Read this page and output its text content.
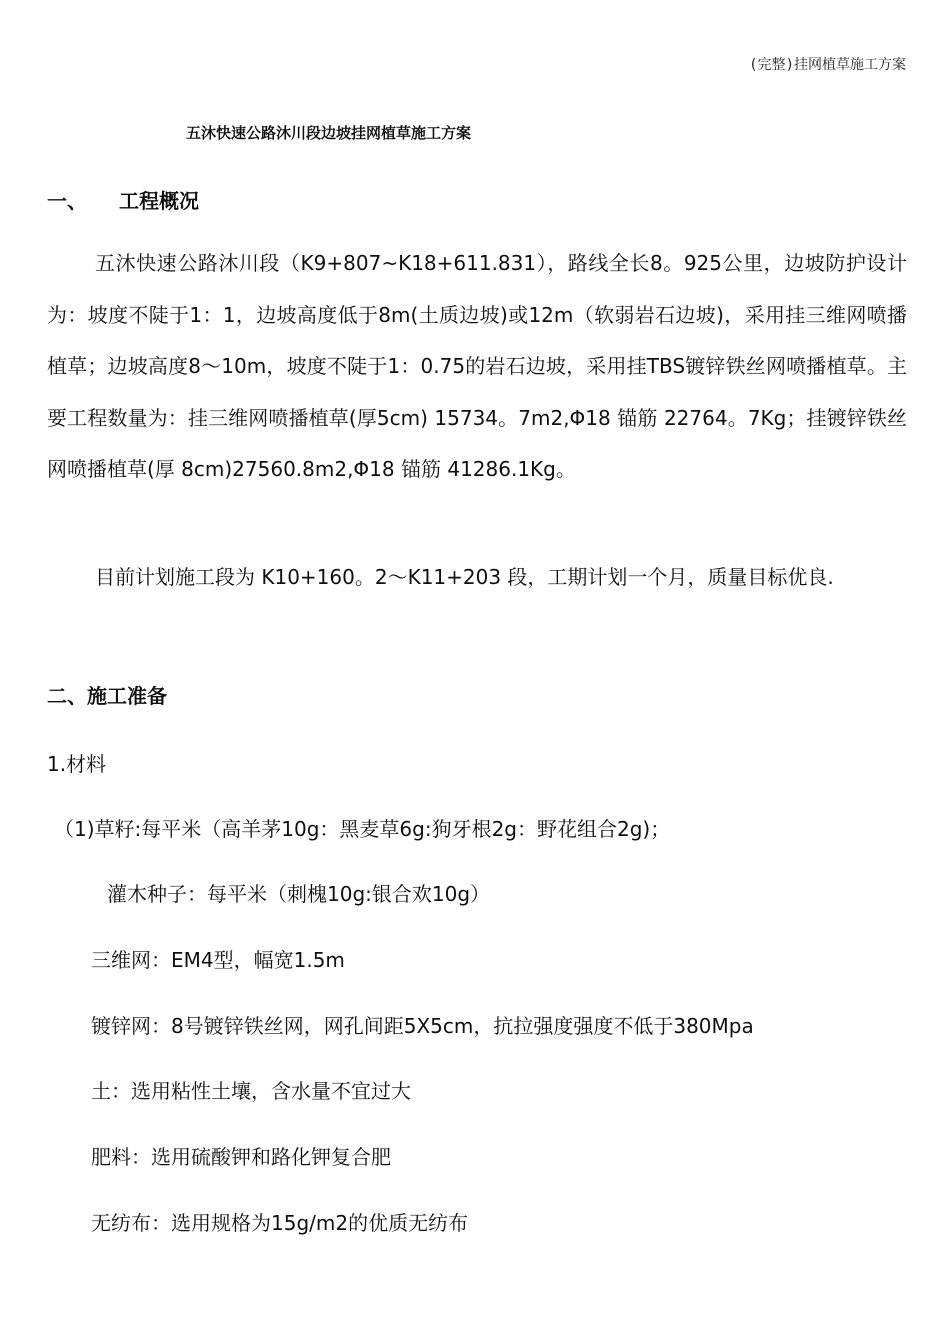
(完整)挂网植草施工方案
五沐快速公路沐川段边坡挂网植草施工方案
一、 工程概况

五沐快速公路沐川段（K9+807~K18+611.831），路线全长8。925公里，边坡防护设计为：坡度不陡于1：1，边坡高度低于8m(土质边坡)或12m（软弱岩石边坡)，采用挂三维网喷播植草；边坡高度8～10m，坡度不陡于1：0.75的岩石边坡，采用挂TBS镀锌铁丝网喷播植草。主要工程数量为：挂三维网喷播植草(厚5cm) 15734。7m2,Φ18 锚筋 22764。7Kg；挂镀锌铁丝网喷播植草(厚 8cm)27560.8m2,Φ18 锚筋 41286.1Kg。

目前计划施工段为 K10+160。2～K11+203 段，工期计划一个月，质量目标优良.

二、施工准备
1.材料
（1)草籽:每平米（高羊茅10g：黑麦草6g:狗牙根2g：野花组合2g)；
灌木种子：每平米（刺槐10g:银合欢10g）
三维网：EM4型，幅宽1.5m
镀锌网：8号镀锌铁丝网，网孔间距5X5cm，抗拉强度强度不低于380Mpa
土：选用粘性土壤，含水量不宜过大
肥料：选用硫酸钾和路化钾复合肥
无纺布：选用规格为15g/m2的优质无纺布
